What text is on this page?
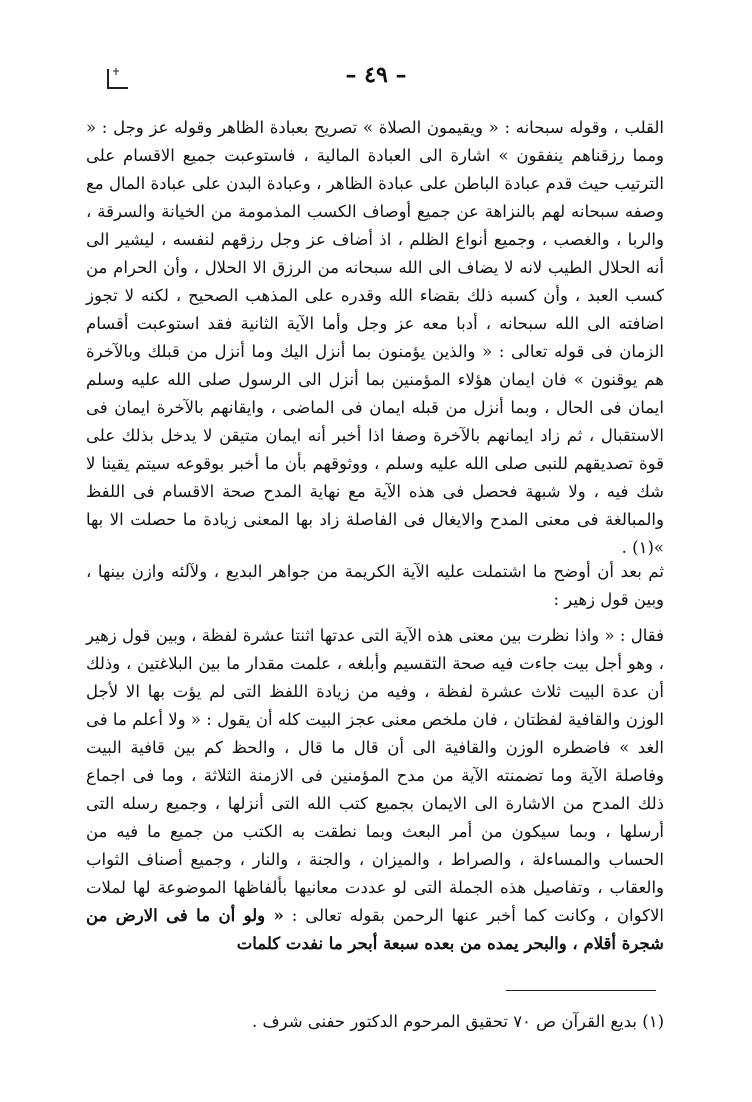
– ٤٩ –
القلب ، وقوله سبحانه : « ويقيمون الصلاة » تصريح بعبادة الظاهر وقوله عز وجل : « ومما رزقناهم ينفقون » اشارة الى العبادة المالية ، فاستوعبت جميع الاقسام على الترتيب حيث قدم عبادة الباطن على عبادة الظاهر ، وعبادة البدن على عبادة المال مع وصفه سبحانه لهم بالنزاهة عن جميع أوصاف الكسب المذمومة من الخيانة والسرقة ، والربا ، والغصب ، وجميع أنواع الظلم ، اذ أضاف عز وجل رزقهم لنفسه ، ليشير الى أنه الحلال الطيب لانه لا يضاف الى الله سبحانه من الرزق الا الحلال ، وأن الحرام من كسب العبد ، وأن كسبه ذلك بقضاء الله وقدره على المذهب الصحيح ، لكنه لا تجوز اضافته الى الله سبحانه ، أدبا معه عز وجل وأما الآية الثانية فقد استوعبت أقسام الزمان فى قوله تعالى : « والذين يؤمنون بما أنزل اليك وما أنزل من قبلك وبالآخرة هم يوقنون » فان ايمان هؤلاء المؤمنين بما أنزل الى الرسول صلى الله عليه وسلم ايمان فى الحال ، وبما أنزل من قبله ايمان فى الماضى ، وايقانهم بالآخرة ايمان فى الاستقبال ، ثم زاد ايمانهم بالآخرة وصفا اذا أخبر أنه ايمان متيقن لا يدخل بذلك على قوة تصديقهم للنبى صلى الله عليه وسلم ، ووثوقهم بأن ما أخبر بوقوعه سيتم يقينا لا شك فيه ، ولا شبهة فحصل فى هذه الآية مع نهاية المدح صحة الاقسام فى اللفظ والمبالغة فى معنى المدح والايغال فى الفاصلة زاد بها المعنى زيادة ما حصلت الا بها »(١) .
ثم بعد أن أوضح ما اشتملت عليه الآية الكريمة من جواهر البديع ، ولآلئه وازن بينها ، وبين قول زهير :
فقال : « واذا نظرت بين معنى هذه الآية التى عدتها اثنتا عشرة لفظة ، وبين قول زهير ، وهو أجل بيت جاءت فيه صحة التقسيم وأبلغه ، علمت مقدار ما بين البلاغتين ، وذلك أن عدة البيت ثلاث عشرة لفظة ، وفيه من زيادة اللفظ التى لم يؤت بها الا لأجل الوزن والقافية لفظتان ، فان ملخص معنى عجز البيت كله أن يقول : « ولا أعلم ما فى الغد » فاضطره الوزن والقافية الى أن قال ما قال ، والحظ كم بين قافية البيت وفاصلة الآية وما تضمنته الآية من مدح المؤمنين فى الازمنة الثلاثة ، وما فى اجماع ذلك المدح من الاشارة الى الايمان بجميع كتب الله التى أنزلها ، وجميع رسله التى أرسلها ، وبما سيكون من أمر البعث وبما نطقت به الكتب من جميع ما فيه من الحساب والمساءلة ، والصراط ، والميزان ، والجنة ، والنار ، وجميع أصناف الثواب والعقاب ، وتفاصيل هذه الجملة التى لو عددت معانيها بألفاظها الموضوعة لها لملات الاكوان ، وكانت كما أخبر عنها الرحمن بقوله تعالى : « ولو أن ما فى الارض من شجرة أقلام ، والبحر يمده من بعده سبعة أبحر ما نفدت كلمات
(١) بديع القرآن ص ٧٠ تحقيق المرحوم الدكتور حفنى شرف .
